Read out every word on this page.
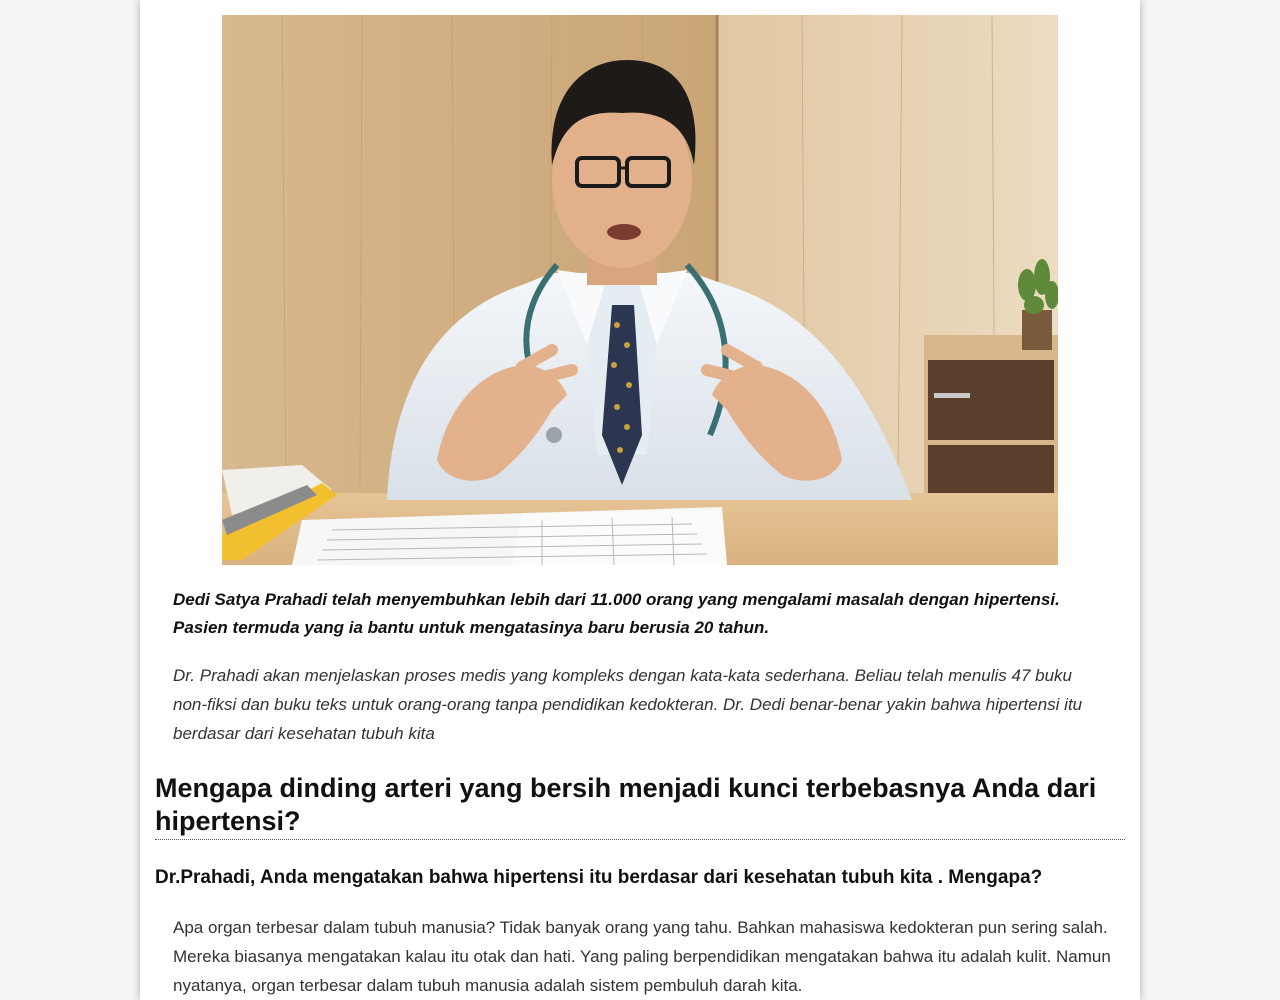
Dedi Satya Prahadi telah menyembuhkan lebih dari 11.000 orang yang mengalami masalah dengan hipertensi. Pasien termuda yang ia bantu untuk mengatasinya baru berusia 20 tahun.

Dr. Prahadi akan menjelaskan proses medis yang kompleks dengan kata-kata sederhana. Beliau telah menulis 47 buku non-fiksi dan buku teks untuk orang-orang tanpa pendidikan kedokteran. Dr. Dedi benar-benar yakin bahwa hipertensi itu berdasar dari kesehatan tubuh kita

Mengapa dinding arteri yang bersih menjadi kunci terbebasnya Anda dari hipertensi?
Dr.Prahadi, Anda mengatakan bahwa hipertensi itu berdasar dari kesehatan tubuh kita . Mengapa?

Apa organ terbesar dalam tubuh manusia? Tidak banyak orang yang tahu. Bahkan mahasiswa kedokteran pun sering salah. Mereka biasanya mengatakan kalau itu otak dan hati. Yang paling berpendidikan mengatakan bahwa itu adalah kulit. Namun nyatanya, organ terbesar dalam tubuh manusia adalah sistem pembuluh darah kita.
